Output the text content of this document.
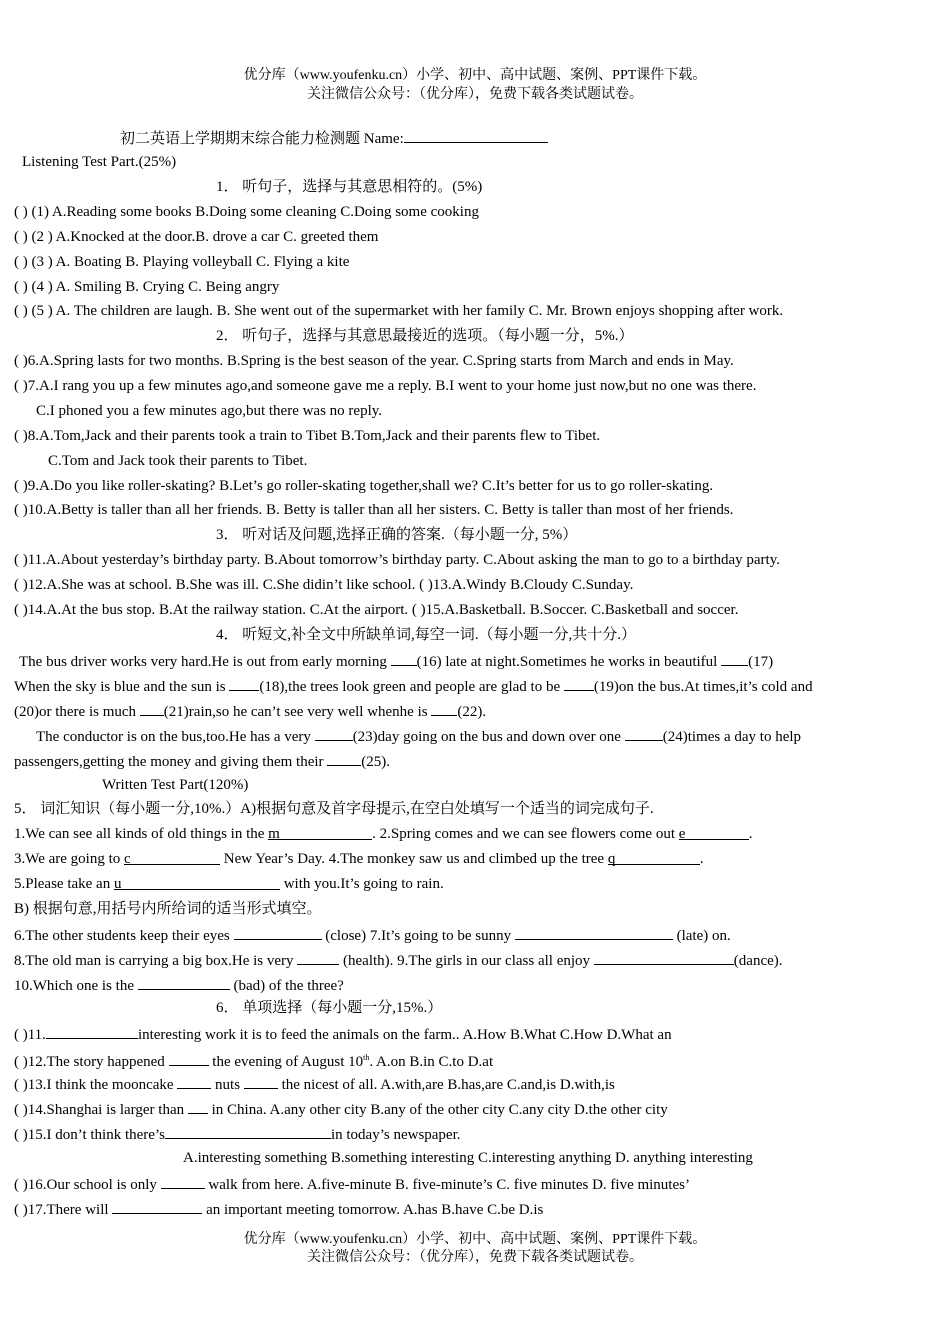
优分库（www.youfenku.cn）小学、初中、高中试题、案例、PPT课件下载。
关注微信公众号：（优分库），免费下载各类试题试卷。
初二英语上学期期末综合能力检测题 Name:
Listening Test Part.(25%)
1． 听句子，选择与其意思相符的。(5%)
( ) (1) A.Reading some books B.Doing some cleaning C.Doing some cooking
( ) (2 ) A.Knocked at the door.B. drove a car C. greeted them
( ) (3 ) A. Boating B. Playing volleyball C. Flying a kite
( ) (4 ) A. Smiling B. Crying C. Being angry
( ) (5 ) A. The children are laugh. B. She went out of the supermarket with her family C. Mr. Brown enjoys shopping after work.
2． 听句子，选择与其意思最接近的选项。（每小题一分，5%.）
( )6.A.Spring lasts for two months. B.Spring is the best season of the year. C.Spring starts from March and ends in May.
( )7.A.I rang you up a few minutes ago,and someone gave me a reply. B.I went to your home just now,but no one was there.
C.I phoned you a few minutes ago,but there was no reply.
( )8.A.Tom,Jack and their parents took a train to Tibet B.Tom,Jack and their parents flew to Tibet.
C.Tom and Jack took their parents to Tibet.
( )9.A.Do you like roller-skating? B.Let’s go roller-skating together,shall we? C.It’s better for us to go roller-skating.
( )10.A.Betty is taller than all her friends. B. Betty is taller than all her sisters. C. Betty is taller than most of her friends.
3． 听对话及问题,选择正确的答案.（每小题一分, 5%）
( )11.A.About yesterday’s birthday party. B.About tomorrow’s birthday party. C.About asking the man to go to a birthday party.
( )12.A.She was at school. B.She was ill. C.She didin’t like school. ( )13.A.Windy B.Cloudy C.Sunday.
( )14.A.At the bus stop. B.At the railway station. C.At the airport. ( )15.A.Basketball. B.Soccer. C.Basketball and soccer.
4． 听短文,补全文中所缺单词,每空一词.（每小题一分,共十分.）
The bus driver works very hard.He is out from early morning (16) late at night.Sometimes he works in beautiful (17)
When the sky is blue and the sun is (18),the trees look green and people are glad to be (19)on the bus.At times,it’s cold and
(20)or there is much (21)rain,so he can’t see very well whenhe is (22).
The conductor is on the bus,too.He has a very	(23)day going on the bus and down over one	(24)times a day to help
passengers,getting the money and giving them their	(25).
Written Test Part(120%)
5． 词汇知识（每小题一分,10%.）A)根据句意及首字母提示,在空白处填写一个适当的词完成句子.
1.We can see all kinds of old things in the m	. 2.Spring comes and we can see flowers come out e	.
3.We are going to c	New Year’s Day. 4.The monkey saw us and climbed up the tree q	.
5.Please take an u	with you.It’s going to rain.
B) 根据句意,用括号内所给词的适当形式填空。
6.The other students keep their eyes	(close) 7.It’s going to be sunny	(late) on.
8.The old man is carrying a big box.He is very	(health). 9.The girls in our class all enjoy	(dance).
10.Which one is the	(bad) of the three?
6． 单项选择（每小题一分,15%.）
( )11.	interesting work it is to feed the animals on the farm.. A.How B.What C.How D.What an
( )12.The story happened	the evening of August 10th. A.on B.in C.to D.at
( )13.I think the mooncake	nuts	the nicest of all. A.with,are B.has,are C.and,is D.with,is
( )14.Shanghai is larger than in China. A.any other city B.any of the other city C.any city D.the other city
( )15.I don’t think there’s	in today’s newspaper.
A.interesting something B.something interesting C.interesting anything D. anything interesting
( )16.Our school is only	walk from here. A.five-minute B. five-minute’s C. five minutes D. five minutes’
( )17.There will	an important meeting tomorrow. A.has B.have C.be D.is
优分库（www.youfenku.cn）小学、初中、高中试题、案例、PPT课件下载。
关注微信公众号：（优分库），免费下载各类试题试卷。
